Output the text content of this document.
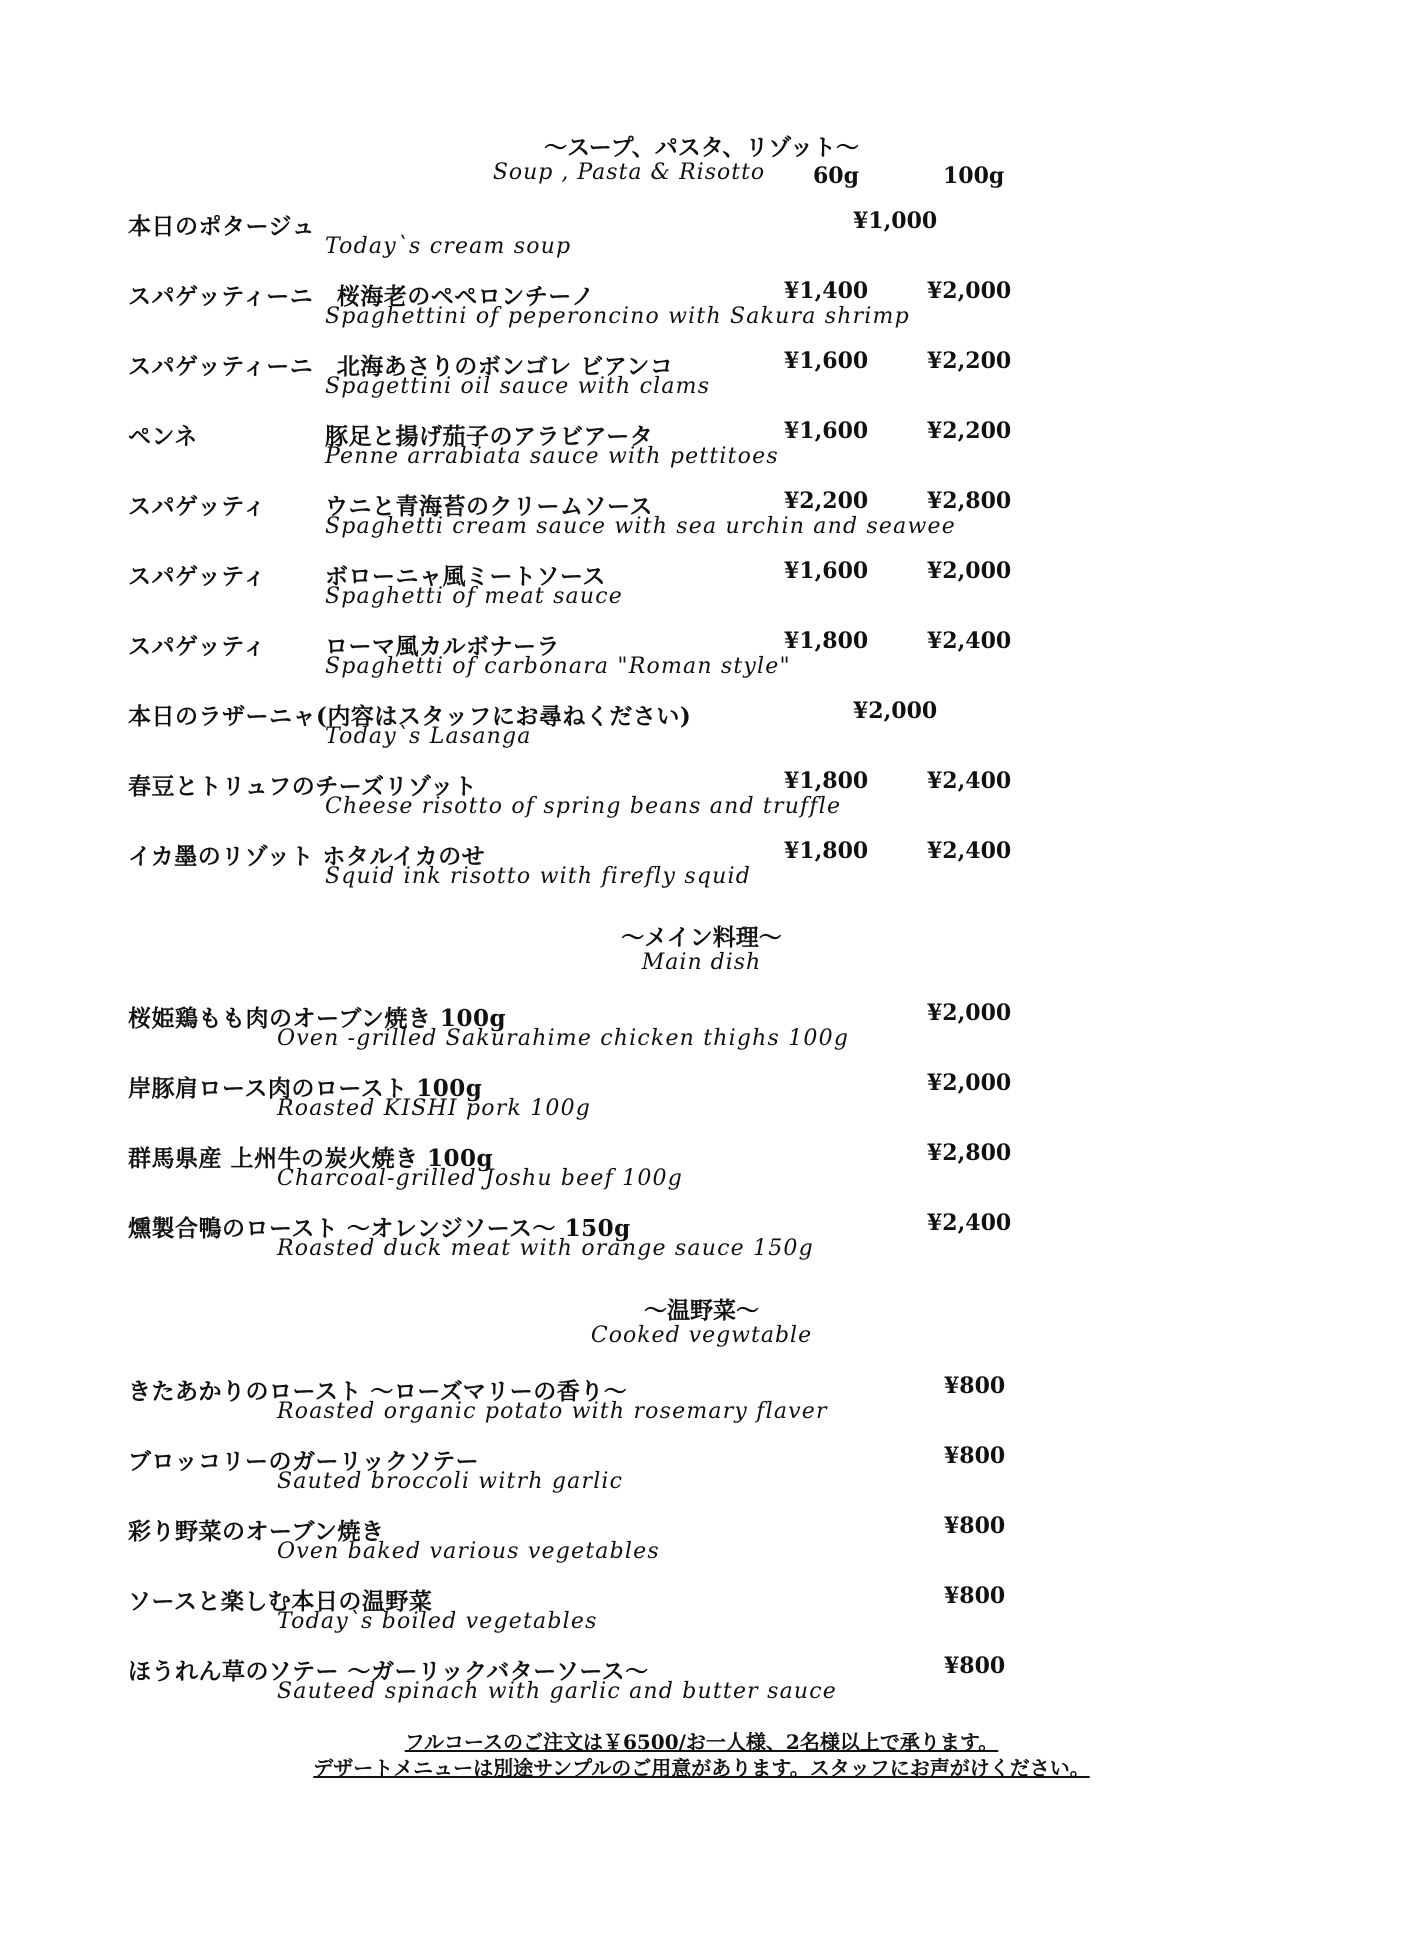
～スープ、パスタ、リゾット～
Soup , Pasta & Risotto	60g	100g
本日のポタージュ
Today`s cream soup
¥1,000
スパゲッティーニ　桜海老のペペロンチーノ
Spaghettini of peperoncino with Sakura shrimp
¥1,400	¥2,000
スパゲッティーニ　北海あさりのボンゴレ ビアンコ
Spagettini oil sauce with clams
¥1,600	¥2,200
ペンネ	豚足と揚げ茄子のアラビアータ
Penne arrabiata sauce with pettitoes
¥1,600	¥2,200
スパゲッティ	ウニと青海苔のクリームソース
Spaghetti cream sauce with sea urchin and seawee
¥2,200	¥2,800
スパゲッティ	ボローニャ風ミートソース
Spaghetti of meat sauce
¥1,600	¥2,000
スパゲッティ	ローマ風カルボナーラ
Spaghetti of carbonara "Roman style"
¥1,800	¥2,400
本日のラザーニャ(内容はスタッフにお尋ねください)
Today`s Lasanga
¥2,000
春豆とトリュフのチーズリゾット
Cheese risotto of spring beans and truffle
¥1,800	¥2,400
イカ墨のリゾット ホタルイカのせ
Squid ink risotto with firefly squid
¥1,800	¥2,400
～メイン料理～
Main dish
桜姫鶏もも肉のオーブン焼き 100g
Oven -grilled Sakurahime chicken thighs 100g
¥2,000
岸豚肩ロース肉のロースト 100g
Roasted KISHI pork 100g
¥2,000
群馬県産 上州牛の炭火焼き 100g
Charcoal-grilled Joshu beef 100g
¥2,800
燻製合鴨のロースト ～オレンジソース～ 150g
Roasted duck meat with orange sauce 150g
¥2,400
～温野菜～
Cooked vegwtable
きたあかりのロースト ～ローズマリーの香り～
Roasted organic potato with rosemary flaver
¥800
ブロッコリーのガーリックソテー
Sauted broccoli witrh garlic
¥800
彩り野菜のオーブン焼き
Oven baked various vegetables
¥800
ソースと楽しむ本日の温野菜
Today`s boiled vegetables
¥800
ほうれん草のソテー ～ガーリックバターソース～
Sauteed spinach with garlic and butter sauce
¥800
フルコースのご注文は￥6500/お一人様、2名様以上で承ります。
デザートメニューは別途サンプルのご用意があります。スタッフにお声がけください。
